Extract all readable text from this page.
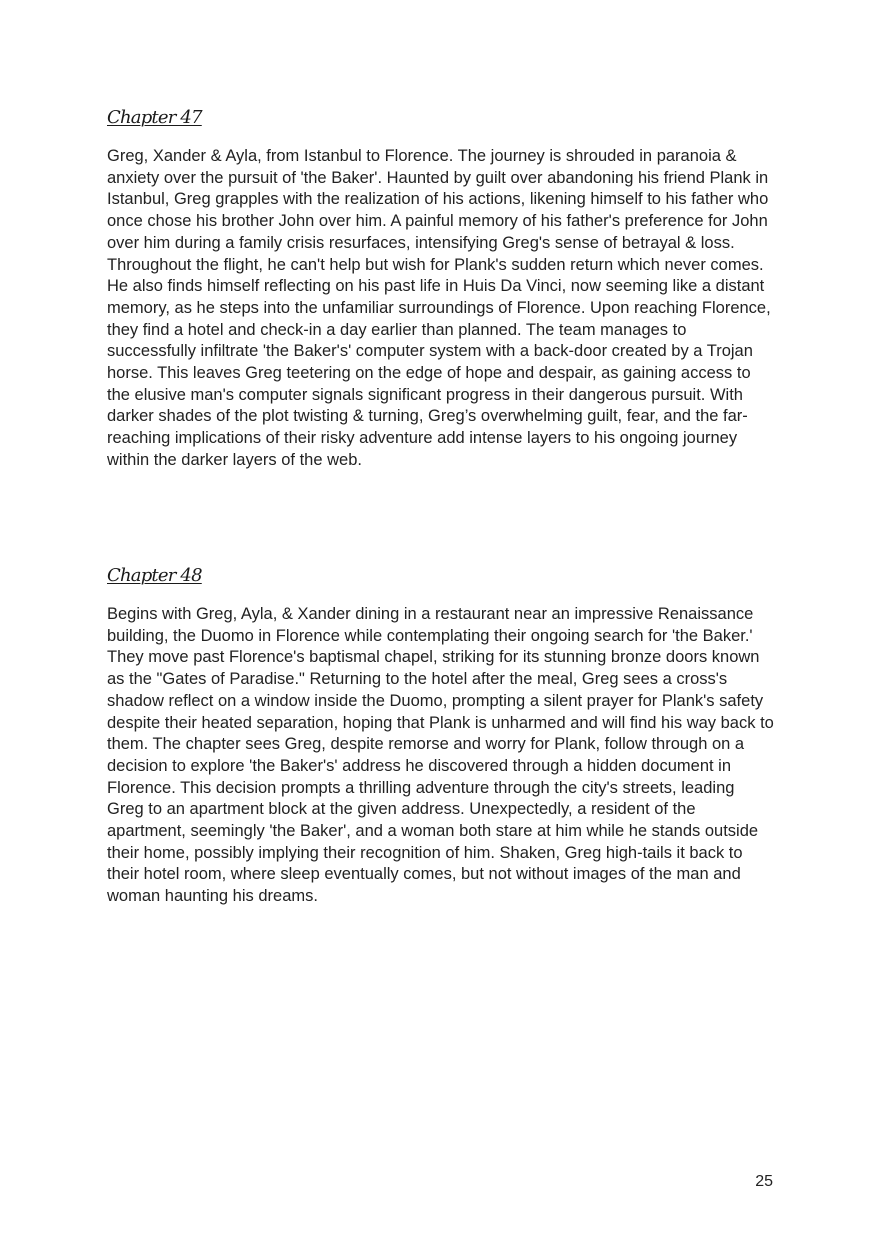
Chapter 47

Greg, Xander & Ayla, from Istanbul to Florence. The journey is shrouded in paranoia & anxiety over the pursuit of 'the Baker'. Haunted by guilt over abandoning his friend Plank in Istanbul, Greg grapples with the realization of his actions, likening himself to his father who once chose his brother John over him. A painful memory of his father's preference for John over him during a family crisis resurfaces, intensifying Greg's sense of betrayal & loss. Throughout the flight, he can't help but wish for Plank's sudden return which never comes. He also finds himself reflecting on his past life in Huis Da Vinci, now seeming like a distant memory, as he steps into the unfamiliar surroundings of Florence. Upon reaching Florence, they find a hotel and check-in a day earlier than planned. The team manages to successfully infiltrate 'the Baker's' computer system with a back-door created by a Trojan horse. This leaves Greg teetering on the edge of hope and despair, as gaining access to the elusive man's computer signals significant progress in their dangerous pursuit. With darker shades of the plot twisting & turning, Greg’s overwhelming guilt, fear, and the far-reaching implications of their risky adventure add intense layers to his ongoing journey within the darker layers of the web.

Chapter 48

Begins with Greg, Ayla, & Xander dining in a restaurant near an impressive Renaissance building, the Duomo in Florence while contemplating their ongoing search for 'the Baker.' They move past Florence's baptismal chapel, striking for its stunning bronze doors known as the "Gates of Paradise." Returning to the hotel after the meal, Greg sees a cross's shadow reflect on a window inside the Duomo, prompting a silent prayer for Plank's safety despite their heated separation, hoping that Plank is unharmed and will find his way back to them. The chapter sees Greg, despite remorse and worry for Plank, follow through on a decision to explore 'the Baker's' address he discovered through a hidden document in Florence. This decision prompts a thrilling adventure through the city's streets, leading Greg to an apartment block at the given address. Unexpectedly, a resident of the apartment, seemingly 'the Baker', and a woman both stare at him while he stands outside their home, possibly implying their recognition of him. Shaken, Greg high-tails it back to their hotel room, where sleep eventually comes, but not without images of the man and woman haunting his dreams.

25
